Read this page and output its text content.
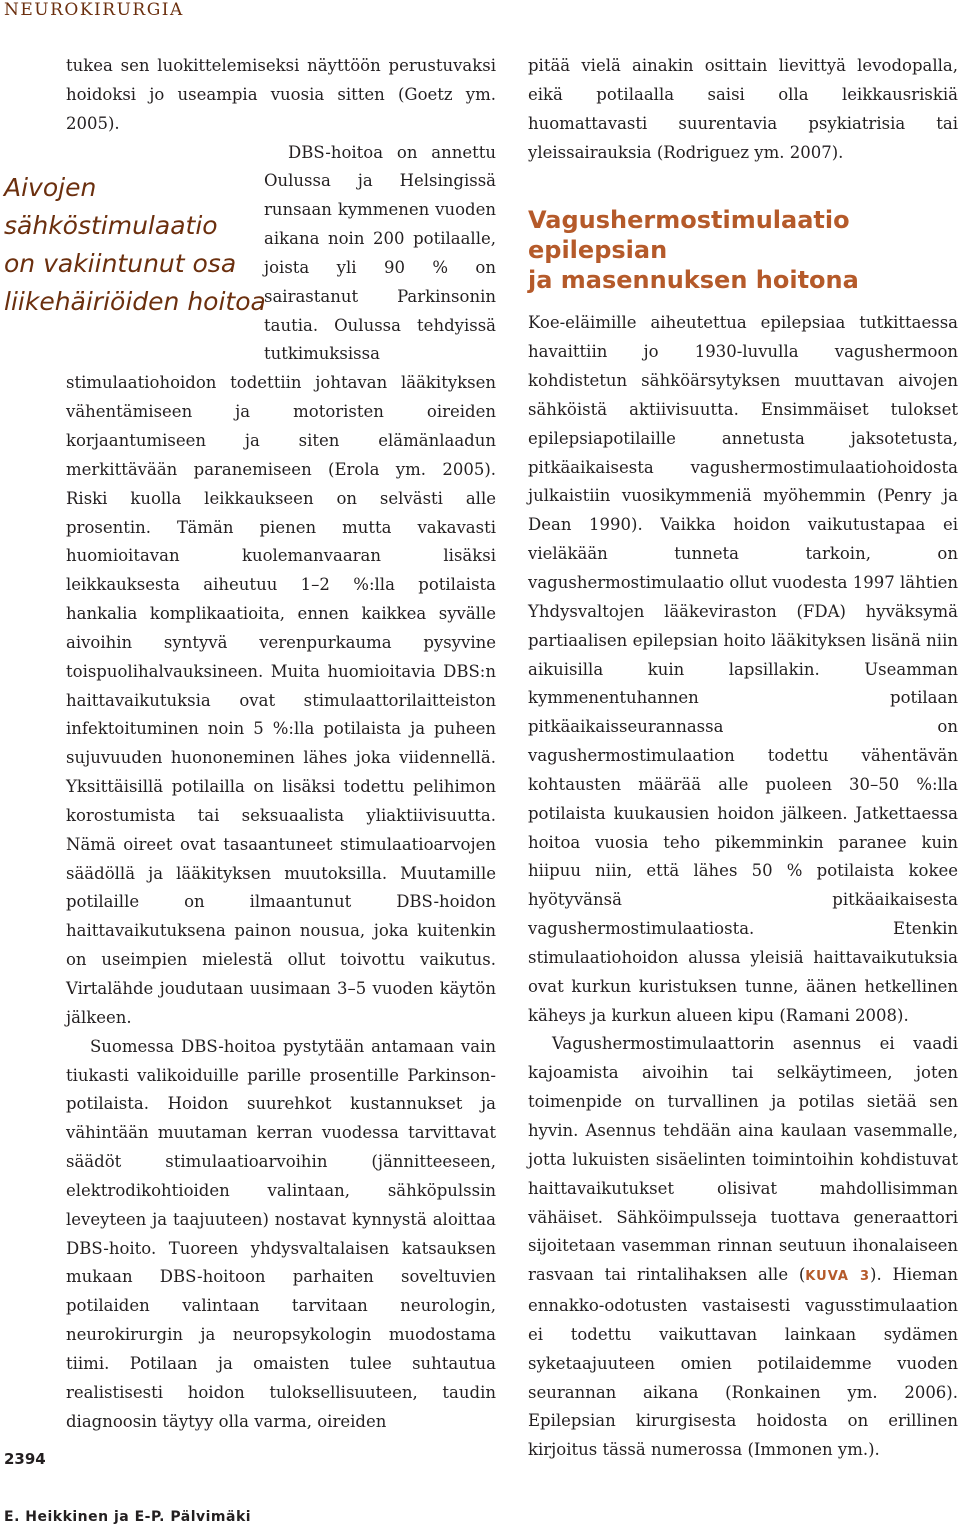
NEUROKIRURGIA

tukea sen luokittelemiseksi näyttöön perustuvaksi hoidoksi jo useampia vuosia sitten (Goetz ym. 2005).

Aivojen
sähköstimulaatio
on vakiintunut osa
liikehäiriöiden hoitoa

DBS-hoitoa on annettu Oulussa ja Helsingissä runsaan kymmenen vuoden aikana noin 200 potilaalle, joista yli 90 % on sairastanut Parkinsonin tautia. Oulussa tehdyissä tutkimuksissa stimulaatiohoidon todettiin johtavan lääkityksen vähentämiseen ja motoristen oireiden korjaantumiseen ja siten elämänlaadun merkittävään paranemiseen (Erola ym. 2005). Riski kuolla leikkaukseen on selvästi alle prosentin. Tämän pienen mutta vakavasti huomioitavan kuolemanvaaran lisäksi leikkauksesta aiheutuu 1–2 %:lla potilaista hankalia komplikaatioita, ennen kaikkea syvälle aivoihin syntyvä verenpurkauma pysyvine toispuolihalvauksineen. Muita huomioitavia DBS:n haittavaikutuksia ovat stimulaattorilaitteiston infektoituminen noin 5 %:lla potilaista ja puheen sujuvuuden huononeminen lähes joka viidennellä. Yksittäisillä potilailla on lisäksi todettu pelihimon korostumista tai seksuaalista yliaktiivisuutta. Nämä oireet ovat tasaantuneet stimulaatioarvojen säädöllä ja lääkityksen muutoksilla. Muutamille potilaille on ilmaantunut DBS-hoidon haittavaikutuksena painon nousua, joka kuitenkin on useimpien mielestä ollut toivottu vaikutus. Virtalähde joudutaan uusimaan 3–5 vuoden käytön jälkeen.

Suomessa DBS-hoitoa pystytään antamaan vain tiukasti valikoiduille parille prosentille Parkinson-potilaista. Hoidon suurehkot kustannukset ja vähintään muutaman kerran vuodessa tarvittavat säädöt stimulaatioarvoihin (jännitteeseen, elektrodikohtioiden valintaan, sähköpulssin leveyteen ja taajuuteen) nostavat kynnystä aloittaa DBS-hoito. Tuoreen yhdysvaltalaisen katsauksen mukaan DBS-hoitoon parhaiten soveltuvien potilaiden valintaan tarvitaan neurologin, neurokirurgin ja neuropsykologin muodostama tiimi. Potilaan ja omaisten tulee suhtautua realistisesti hoidon tuloksellisuuteen, taudin diagnoosin täytyy olla varma, oireiden

pitää vielä ainakin osittain lievittyä levodopalla, eikä potilaalla saisi olla leikkausriskiä huomattavasti suurentavia psykiatrisia tai yleissairauksia (Rodriguez ym. 2007).

Vagushermostimulaatio epilepsian
ja masennuksen hoitona

Koe-eläimille aiheutettua epilepsiaa tutkittaessa havaittiin jo 1930-luvulla vagushermoon kohdistetun sähköärsytyksen muuttavan aivojen sähköistä aktiivisuutta. Ensimmäiset tulokset epilepsiapotilaille annetusta jaksotetusta, pitkäaikaisesta vagushermostimulaatiohoidosta julkaistiin vuosikymmeniä myöhemmin (Penry ja Dean 1990). Vaikka hoidon vaikutustapaa ei vieläkään tunneta tarkoin, on vagushermostimulaatio ollut vuodesta 1997 lähtien Yhdysvaltojen lääkeviraston (FDA) hyväksymä partiaalisen epilepsian hoito lääkityksen lisänä niin aikuisilla kuin lapsillakin. Useamman kymmenentuhannen potilaan pitkäaikaisseurannassa on vagushermostimulaation todettu vähentävän kohtausten määrää alle puoleen 30–50 %:lla potilaista kuukausien hoidon jälkeen. Jatkettaessa hoitoa vuosia teho pikemminkin paranee kuin hiipuu niin, että lähes 50 % potilaista kokee hyötyvänsä pitkäaikaisesta vagushermostimulaatiosta. Etenkin stimulaatiohoidon alussa yleisiä haittavaikutuksia ovat kurkun kuristuksen tunne, äänen hetkellinen käheys ja kurkun alueen kipu (Ramani 2008).

Vagushermostimulaattorin asennus ei vaadi kajoamista aivoihin tai selkäytimeen, joten toimenpide on turvallinen ja potilas sietää sen hyvin. Asennus tehdään aina kaulaan vasemmalle, jotta lukuisten sisäelinten toimintoihin kohdistuvat haittavaikutukset olisivat mahdollisimman vähäiset. Sähköimpulsseja tuottava generaattori sijoitetaan vasemman rinnan seutuun ihonalaiseen rasvaan tai rintalihaksen alle (KUVA 3). Hieman ennakko-odotusten vastaisesti vagusstimulaation ei todettu vaikuttavan lainkaan sydämen syketaajuuteen omien potilaidemme vuoden seurannan aikana (Ronkainen ym. 2006). Epilepsian kirurgisesta hoidosta on erillinen kirjoitus tässä numerossa (Immonen ym.).

2394
E. Heikkinen ja E-P. Pälvimäki
